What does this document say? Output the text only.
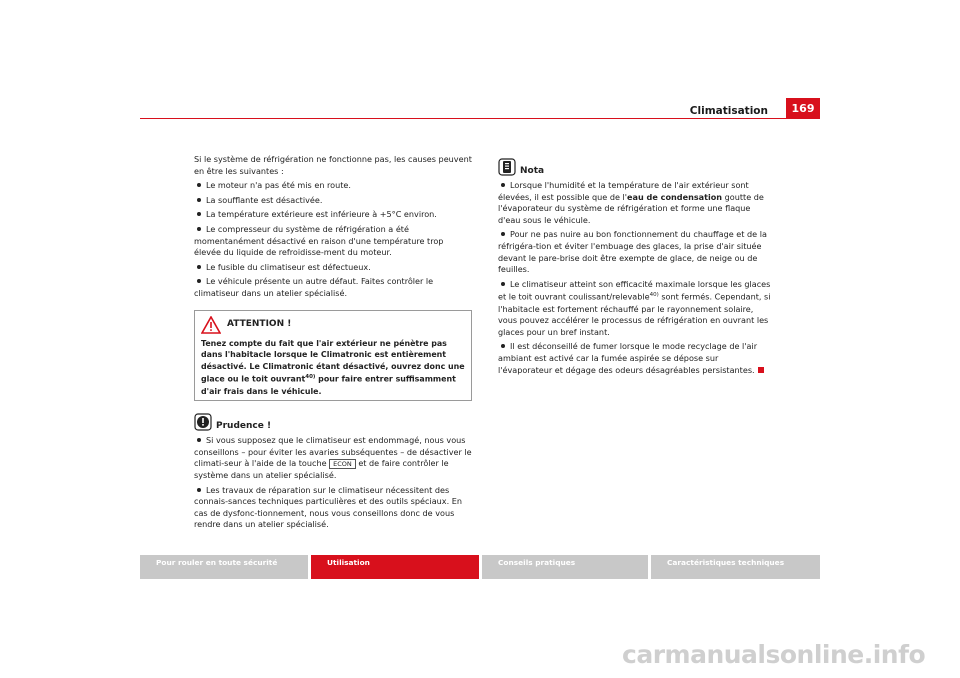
Climatisation	169

Si le système de réfrigération ne fonctionne pas, les causes peuvent en être les suivantes :

Le moteur n'a pas été mis en route.
La soufflante est désactivée.
La température extérieure est inférieure à +5°C environ.
Le compresseur du système de réfrigération a été momentanément désactivé en raison d'une température trop élevée du liquide de refroidisse-ment du moteur.
Le fusible du climatiseur est défectueux.
Le véhicule présente un autre défaut. Faites contrôler le climatiseur dans un atelier spécialisé.
ATTENTION !
Tenez compte du fait que l'air extérieur ne pénètre pas dans l'habitacle lorsque le Climatronic est entièrement désactivé. Le Climatronic étant désactivé, ouvrez donc une glace ou le toit ouvrant$^{40)}$ pour faire entrer suffisamment d'air frais dans le véhicule.
Prudence !
Si vous supposez que le climatiseur est endommagé, nous vous conseillons – pour éviter les avaries subséquentes – de désactiver le climati-seur à l'aide de la touche ECON et de faire contrôler le système dans un atelier spécialisé.
Les travaux de réparation sur le climatiseur nécessitent des connais-sances techniques particulières et des outils spéciaux. En cas de dysfonc-tionnement, nous vous conseillons donc de vous rendre dans un atelier spécialisé.
Nota
Lorsque l'humidité et la température de l'air extérieur sont élevées, il est possible que de l'eau de condensation goutte de l'évaporateur du système de réfrigération et forme une flaque d'eau sous le véhicule.
Pour ne pas nuire au bon fonctionnement du chauffage et de la réfrigéra-tion et éviter l'embuage des glaces, la prise d'air située devant le pare-brise doit être exempte de glace, de neige ou de feuilles.
Le climatiseur atteint son efficacité maximale lorsque les glaces et le toit ouvrant coulissant/relevable$^{40)}$ sont fermés. Cependant, si l'habitacle est fortement réchauffé par le rayonnement solaire, vous pouvez accélérer le processus de réfrigération en ouvrant les glaces pour un bref instant.
Il est déconseillé de fumer lorsque le mode recyclage de l'air ambiant est activé car la fumée aspirée se dépose sur l'évaporateur et dégage des odeurs désagréables persistantes.
Pour rouler en toute sécurité	Utilisation	Conseils pratiques	Caractéristiques techniques
carmanualsonline.info
